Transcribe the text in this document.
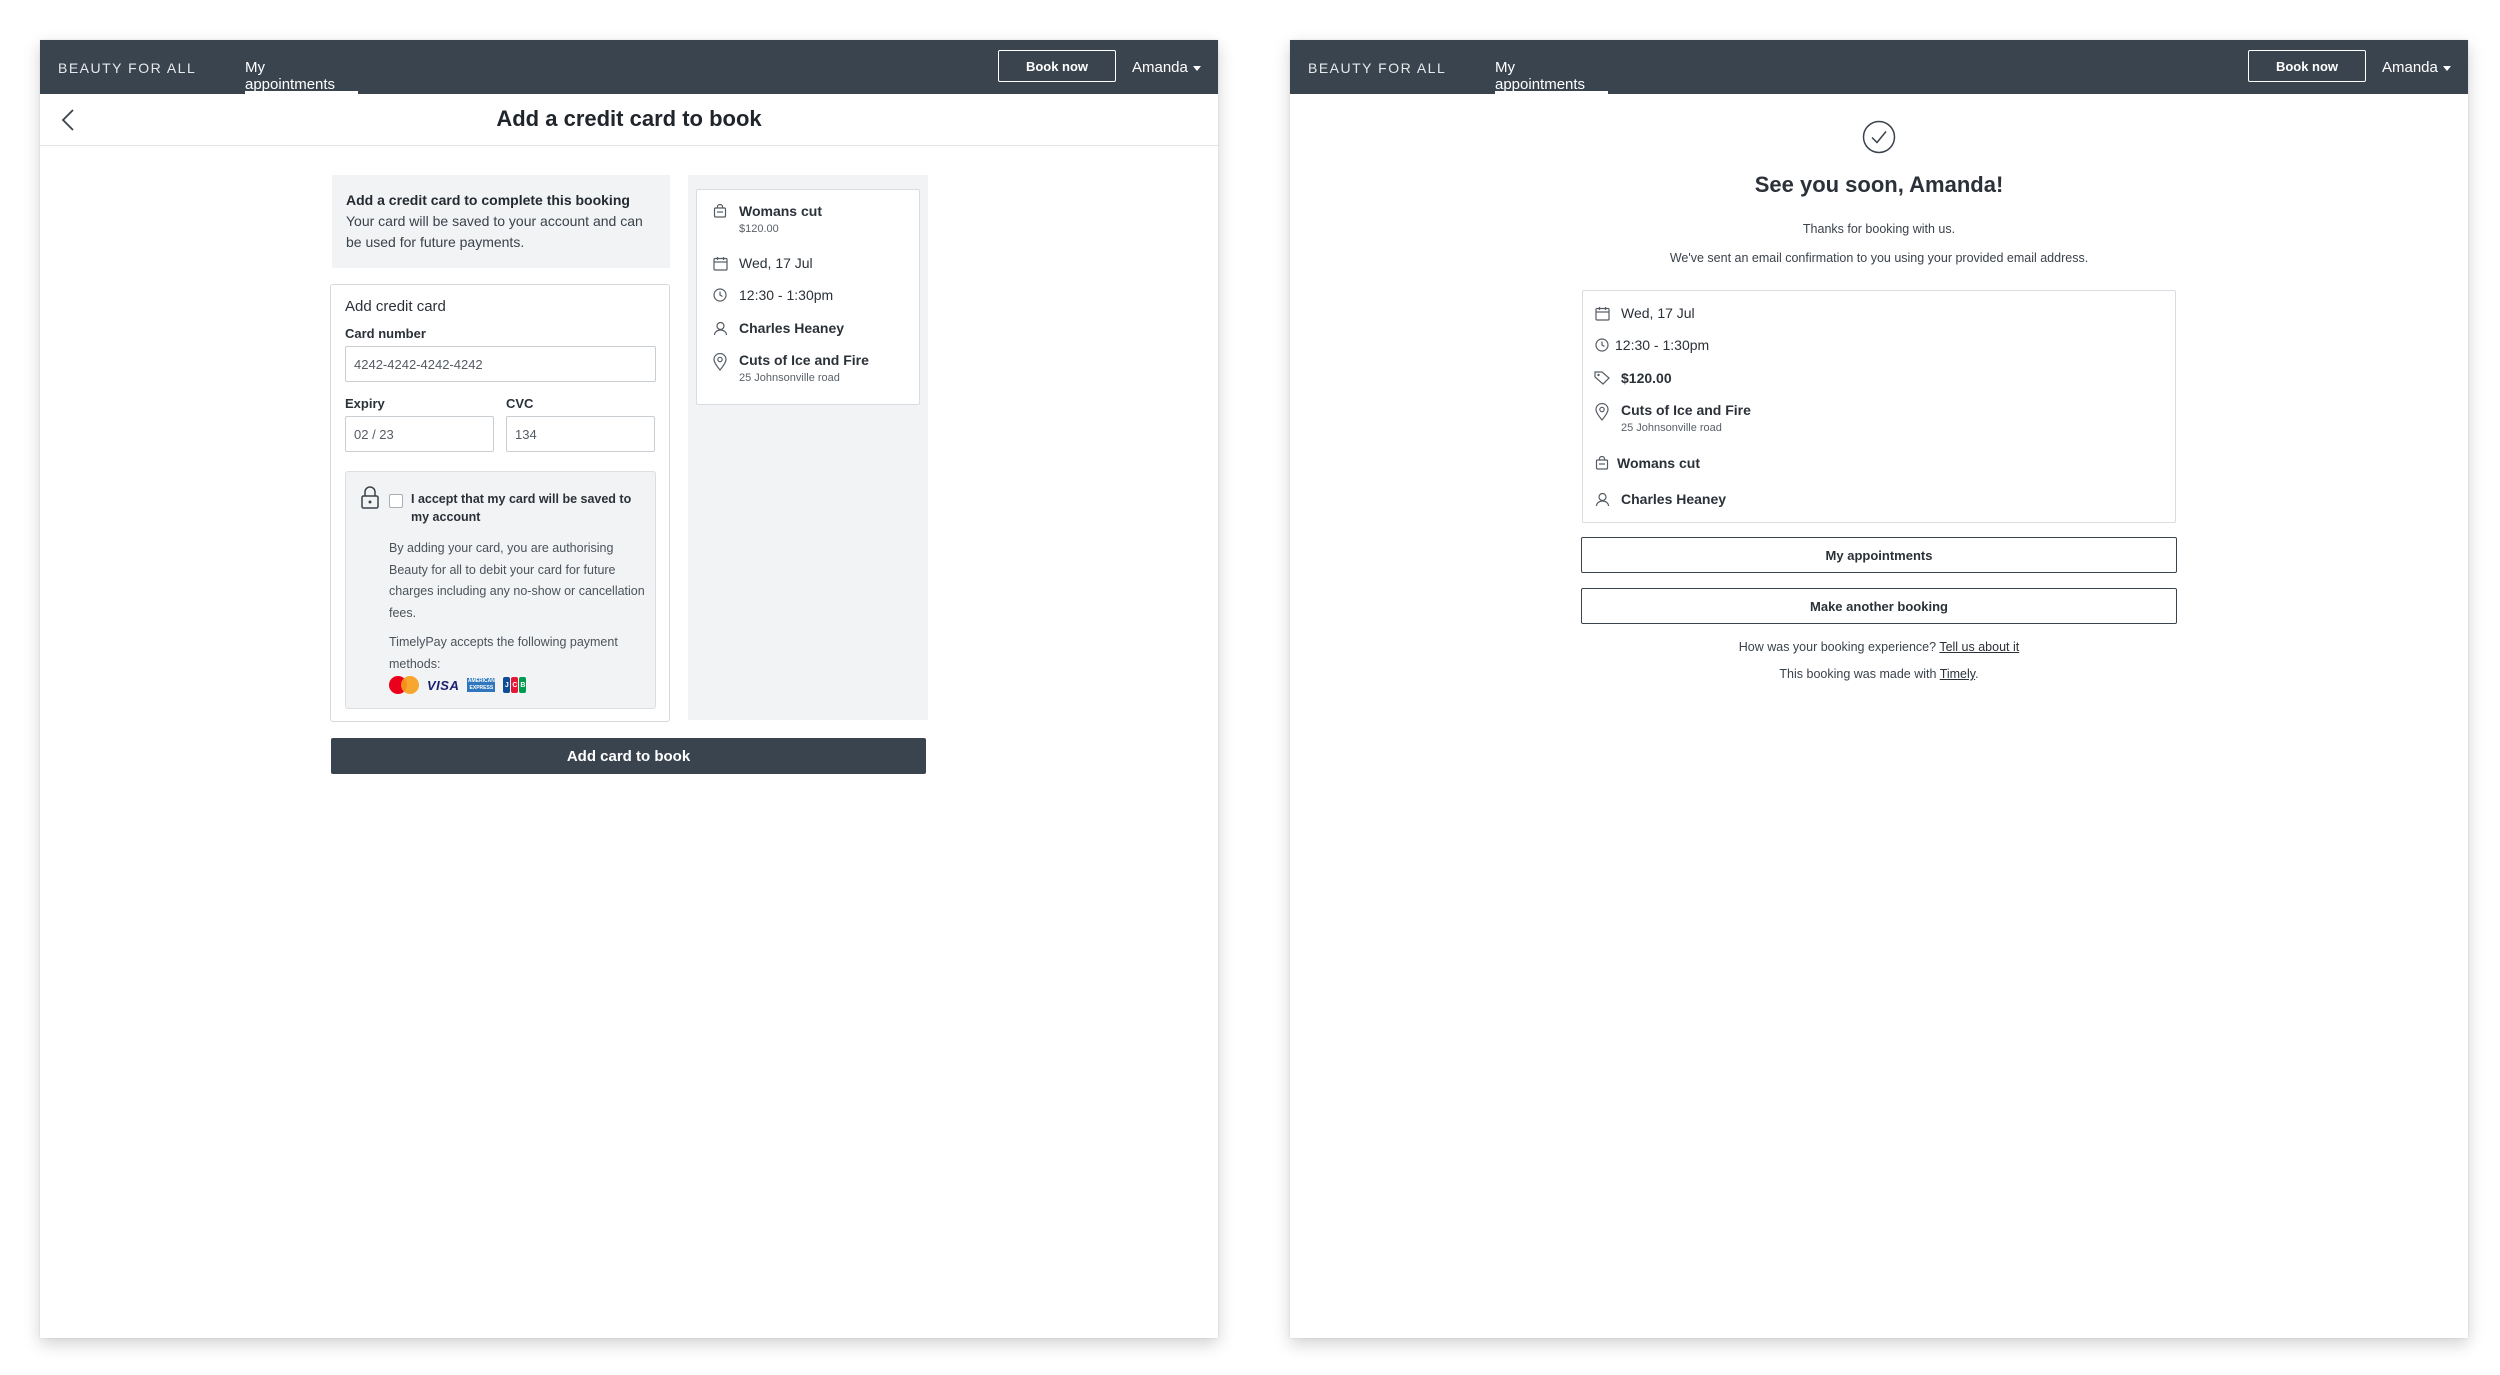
BEAUTY FOR ALL	My appointments
Book now	Amanda
Add a credit card to book
Add a credit card to complete this booking
Your card will be saved to your account and can be used for future payments.
Add credit card
Card number
4242-4242-4242-4242
Expiry
02 / 23	CVC
134
I accept that my card will be saved to my account
By adding your card, you are authorising Beauty for all to debit your card for future charges including any no-show or cancellation fees.
TimelyPay accepts the following payment methods:
VISA AMERICAN EXPRESS	J C B
Womans cut
$120.00
Wed, 17 Jul
12:30 - 1:30pm
Charles Heaney
Cuts of Ice and Fire
25 Johnsonville road
Add card to book
BEAUTY FOR ALL	My appointments
Book now	Amanda
See you soon, Amanda!
Thanks for booking with us.
We've sent an email confirmation to you using your provided email address.
Wed, 17 Jul
12:30 - 1:30pm
$120.00
Cuts of Ice and Fire
25 Johnsonville road
Womans cut
Charles Heaney
My appointments
Make another booking
How was your booking experience? Tell us about it
This booking was made with Timely.
